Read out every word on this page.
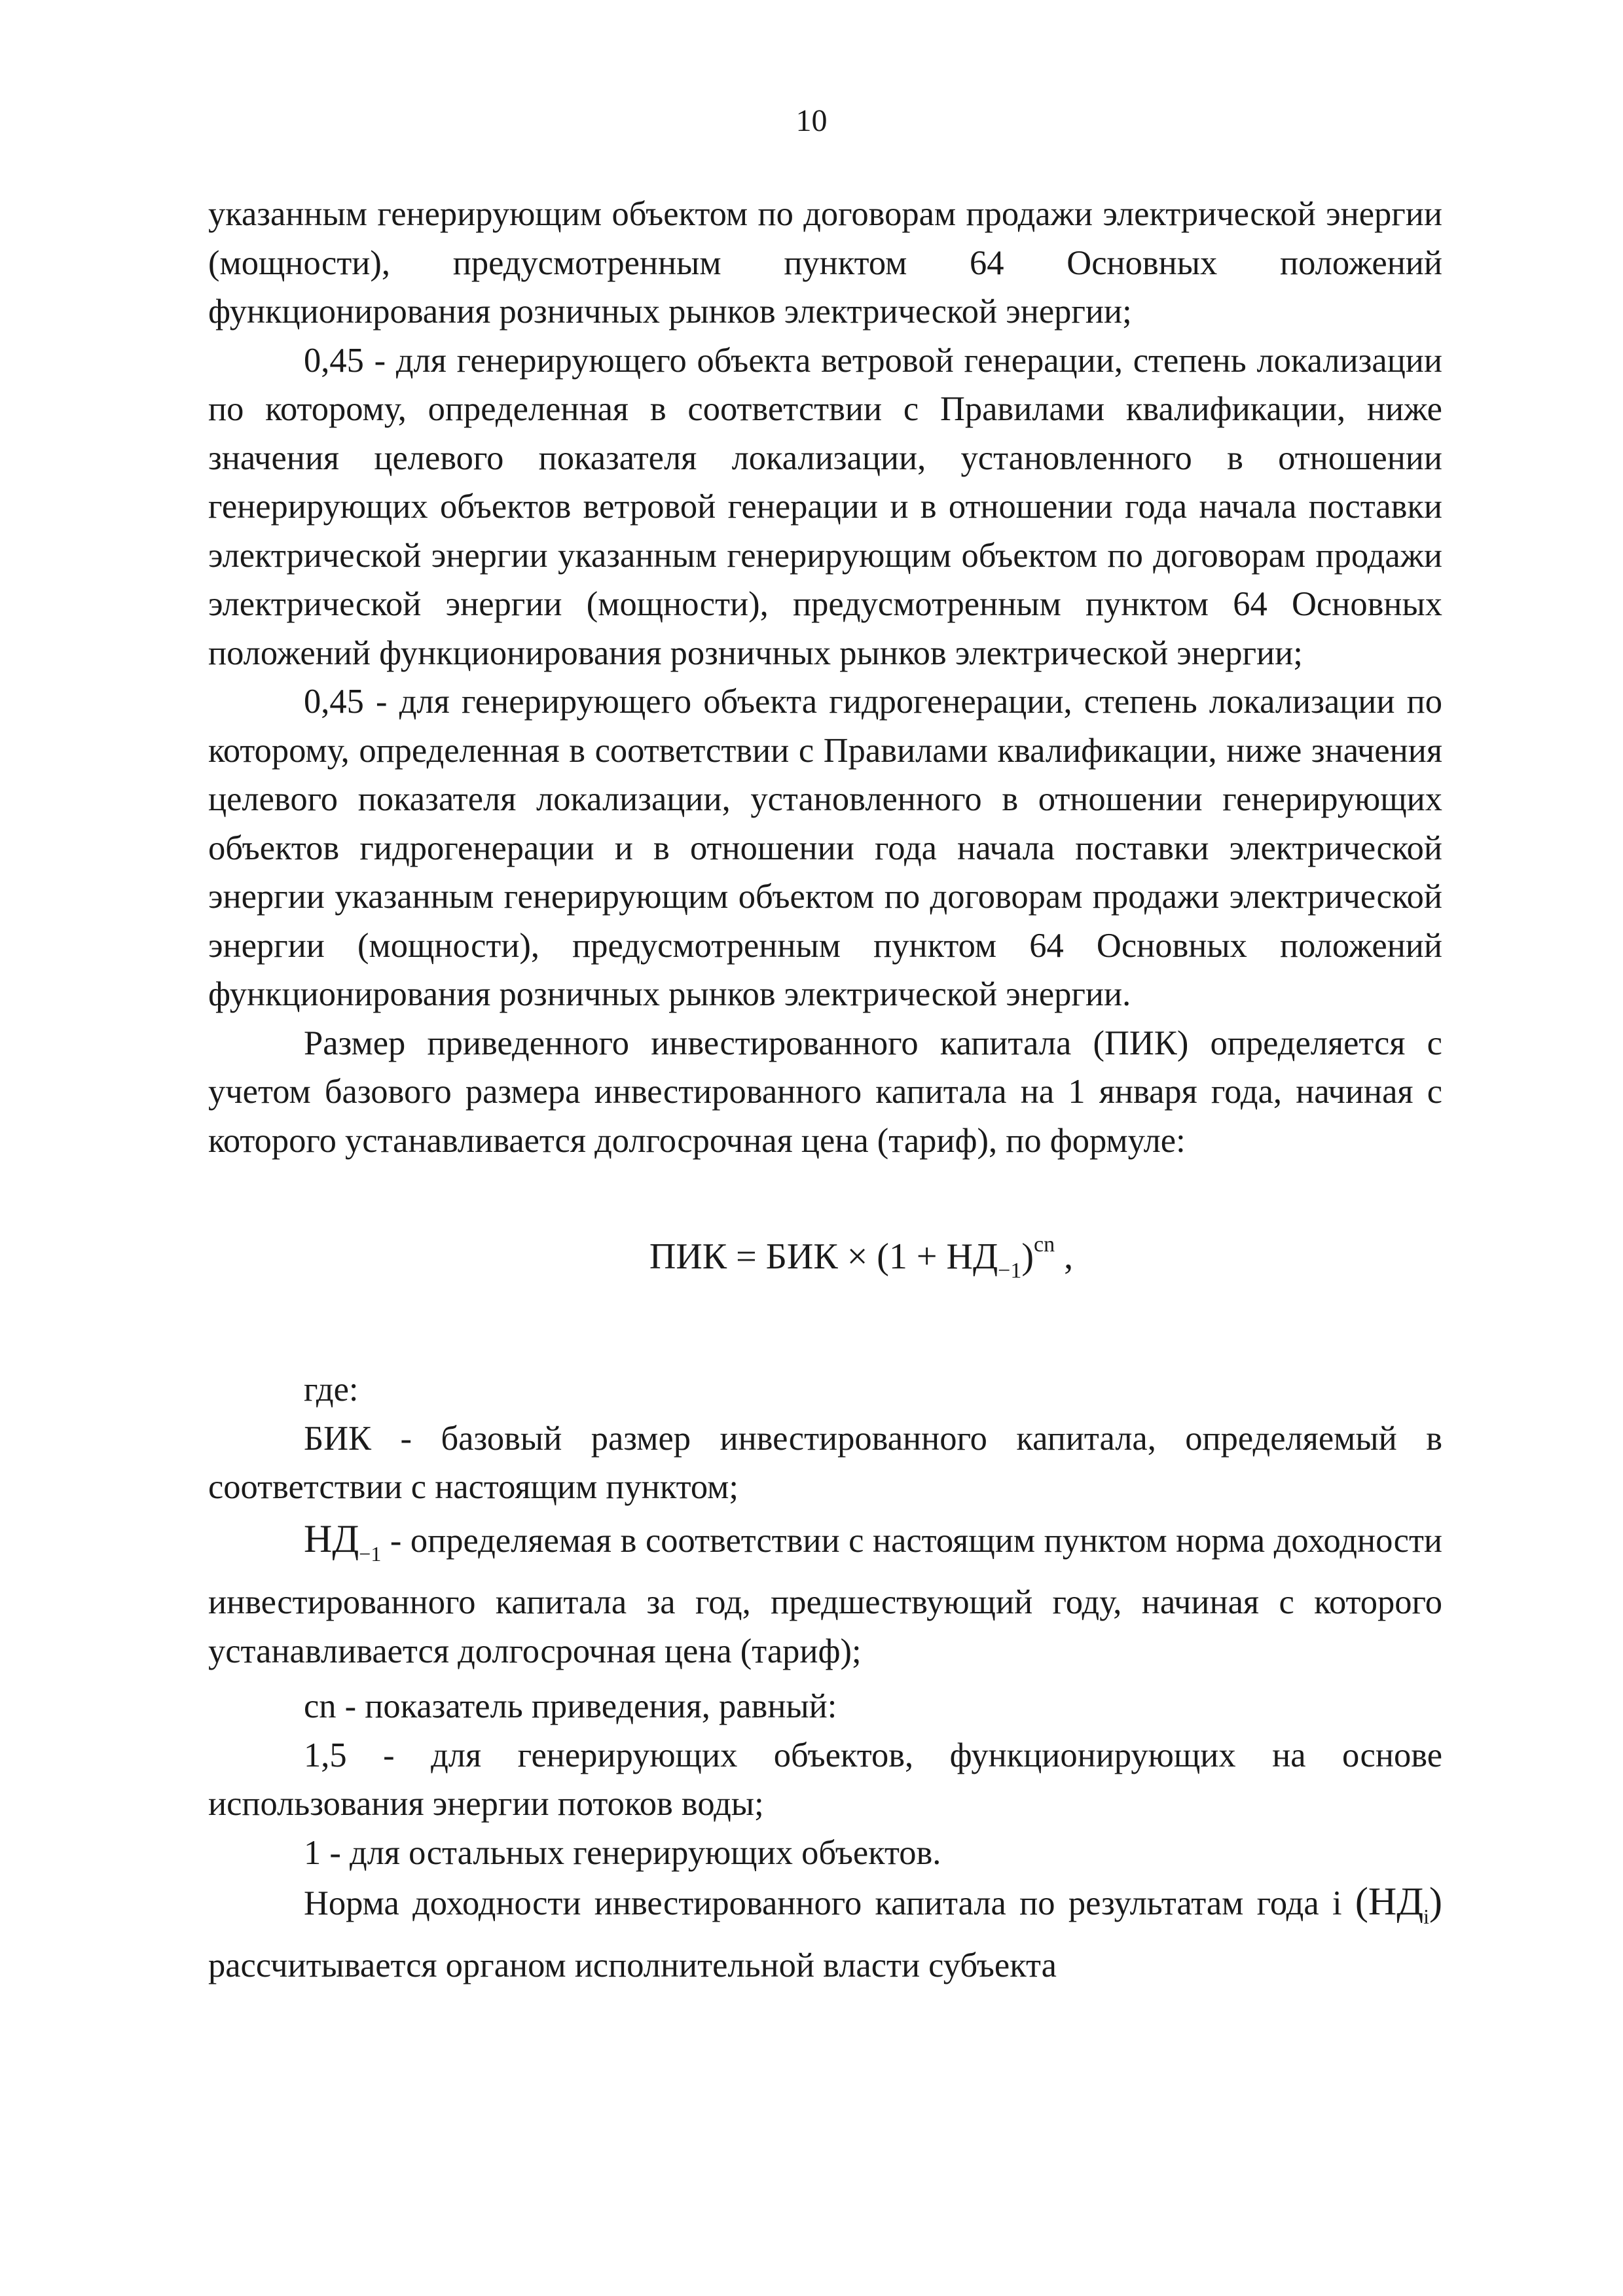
10

указанным генерирующим объектом по договорам продажи электрической энергии (мощности), предусмотренным пунктом 64 Основных положений функционирования розничных рынков электрической энергии;

0,45 - для генерирующего объекта ветровой генерации, степень локализации по которому, определенная в соответствии с Правилами квалификации, ниже значения целевого показателя локализации, установленного в отношении генерирующих объектов ветровой генерации и в отношении года начала поставки электрической энергии указанным генерирующим объектом по договорам продажи электрической энергии (мощности), предусмотренным пунктом 64 Основных положений функционирования розничных рынков электрической энергии;

0,45 - для генерирующего объекта гидрогенерации, степень локализации по которому, определенная в соответствии с Правилами квалификации, ниже значения целевого показателя локализации, установленного в отношении генерирующих объектов гидрогенерации и в отношении года начала поставки электрической энергии указанным генерирующим объектом по договорам продажи электрической энергии (мощности), предусмотренным пунктом 64 Основных положений функционирования розничных рынков электрической энергии.

Размер приведенного инвестированного капитала (ПИК) определяется с учетом базового размера инвестированного капитала на 1 января года, начиная с которого устанавливается долгосрочная цена (тариф), по формуле:

ПИК = БИК × $(1 + НД_{-1})^{cn}$ ,

где:

БИК - базовый размер инвестированного капитала, определяемый в соответствии с настоящим пунктом;

$НД_{-1}$ - определяемая в соответствии с настоящим пунктом норма доходности инвестированного капитала за год, предшествующий году, начиная с которого устанавливается долгосрочная цена (тариф);

cn - показатель приведения, равный:

1,5 - для генерирующих объектов, функционирующих на основе использования энергии потоков воды;

1 - для остальных генерирующих объектов.

Норма доходности инвестированного капитала по результатам года i $(НД_i)$ рассчитывается органом исполнительной власти субъекта
